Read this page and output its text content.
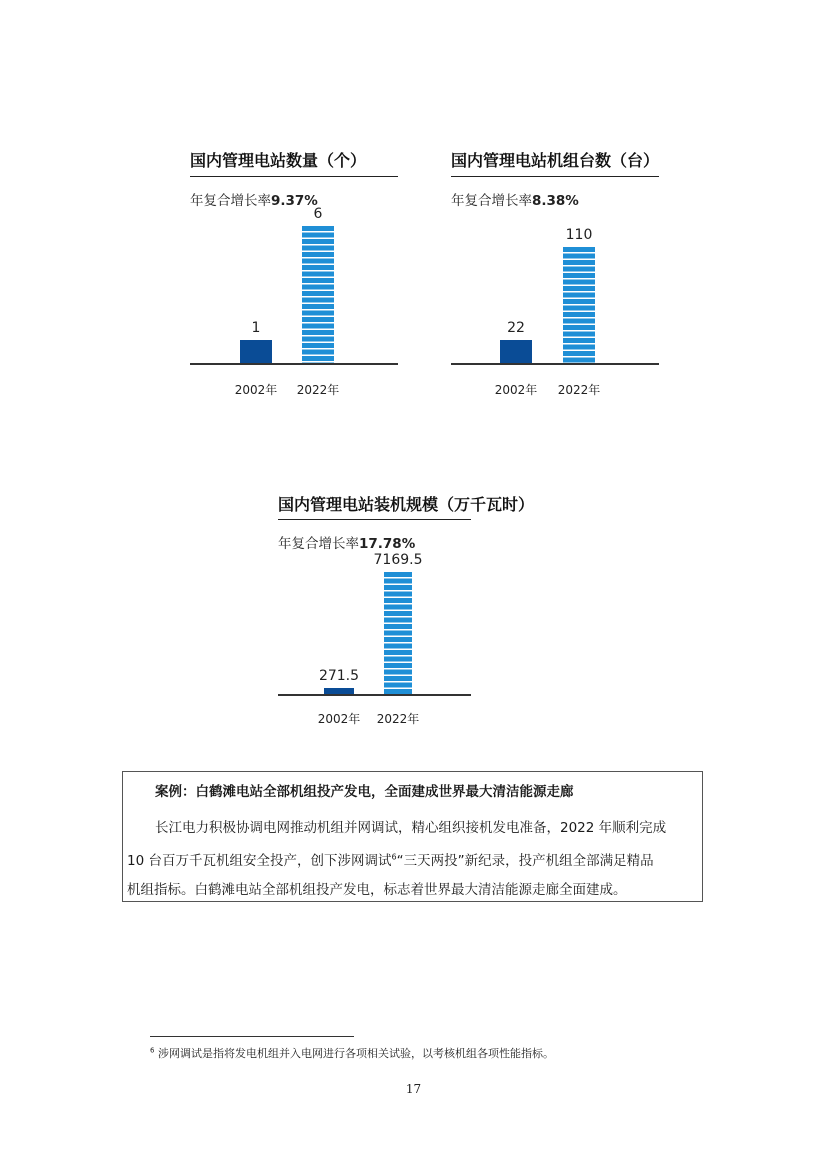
国内管理电站数量（个）
年复合增长率9.37%
1
6
2002年	2022年
国内管理电站机组台数（台）
年复合增长率8.38%
22
110
2002年	2022年
国内管理电站装机规模（万千瓦时）
年复合增长率17.78%
271.5
7169.5
2002年	2022年
案例：白鹤滩电站全部机组投产发电，全面建成世界最大清洁能源走廊
长江电力积极协调电网推动机组并网调试，精心组织接机发电准备，2022 年顺利完成
10 台百万千瓦机组安全投产，创下涉网调试$^6$“三天两投”新纪录，投产机组全部满足精品
机组指标。白鹤滩电站全部机组投产发电，标志着世界最大清洁能源走廊全面建成。
$^6$ 涉网调试是指将发电机组并入电网进行各项相关试验，以考核机组各项性能指标。
17
